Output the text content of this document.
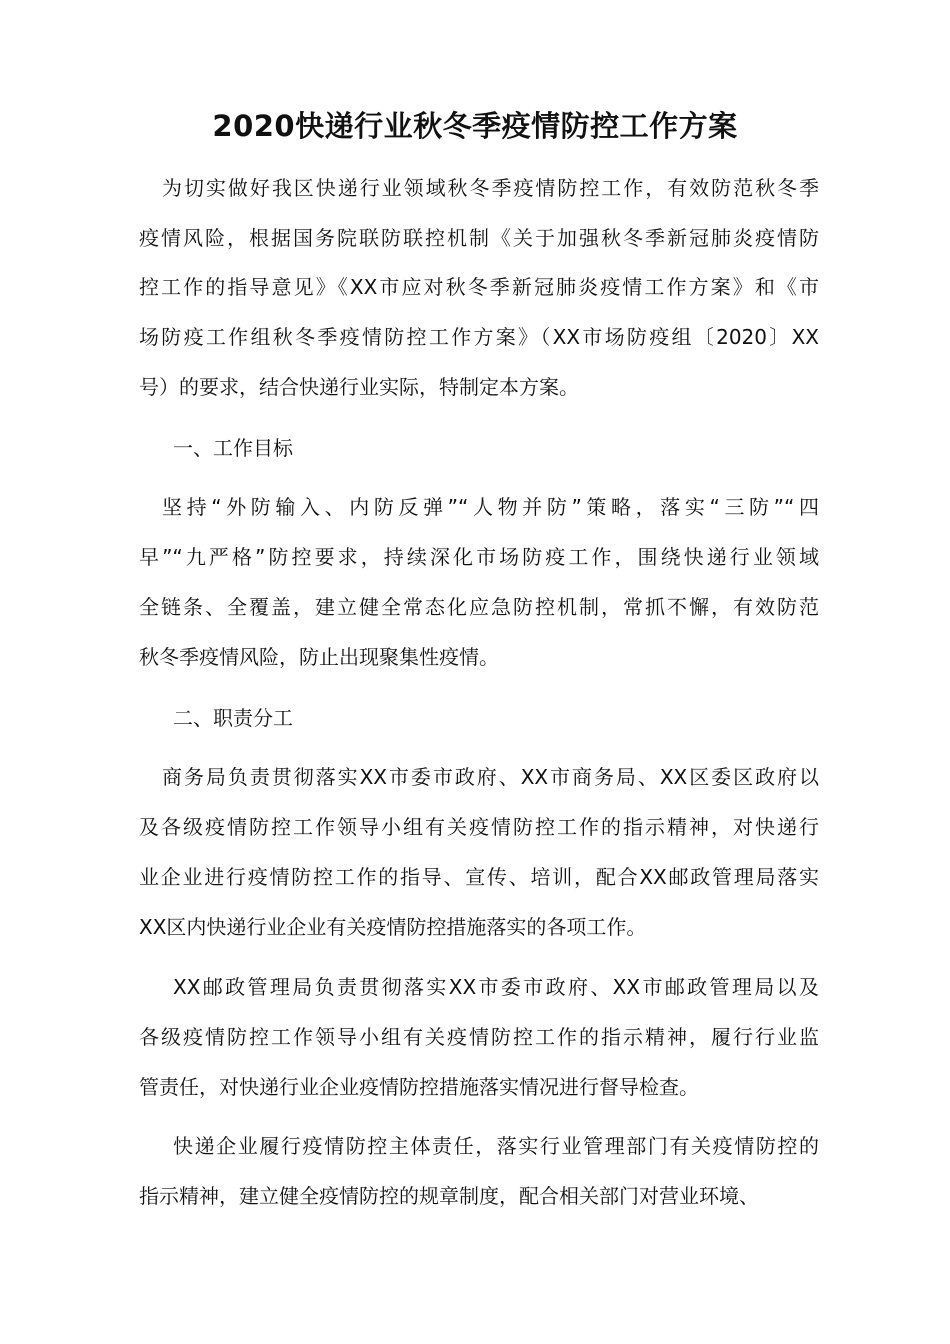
2020快递行业秋冬季疫情防控工作方案
为切实做好我区快递行业领域秋冬季疫情防控工作，有效防范秋冬季
疫情风险，根据国务院联防联控机制《关于加强秋冬季新冠肺炎疫情防
控工作的指导意见》《XX市应对秋冬季新冠肺炎疫情工作方案》和《市
场防疫工作组秋冬季疫情防控工作方案》（XX市场防疫组〔2020〕XX
号）的要求，结合快递行业实际，特制定本方案。
一、工作目标
坚持“外防输入、内防反弹”“人物并防”策略，落实“三防”“四
早”“九严格”防控要求，持续深化市场防疫工作，围绕快递行业领域
全链条、全覆盖，建立健全常态化应急防控机制，常抓不懈，有效防范
秋冬季疫情风险，防止出现聚集性疫情。
二、职责分工
商务局负责贯彻落实XX市委市政府、XX市商务局、XX区委区政府以
及各级疫情防控工作领导小组有关疫情防控工作的指示精神，对快递行
业企业进行疫情防控工作的指导、宣传、培训，配合XX邮政管理局落实
XX区内快递行业企业有关疫情防控措施落实的各项工作。
XX邮政管理局负责贯彻落实XX市委市政府、XX市邮政管理局以及
各级疫情防控工作领导小组有关疫情防控工作的指示精神，履行行业监
管责任，对快递行业企业疫情防控措施落实情况进行督导检查。
快递企业履行疫情防控主体责任，落实行业管理部门有关疫情防控的
指示精神，建立健全疫情防控的规章制度，配合相关部门对营业环境、
